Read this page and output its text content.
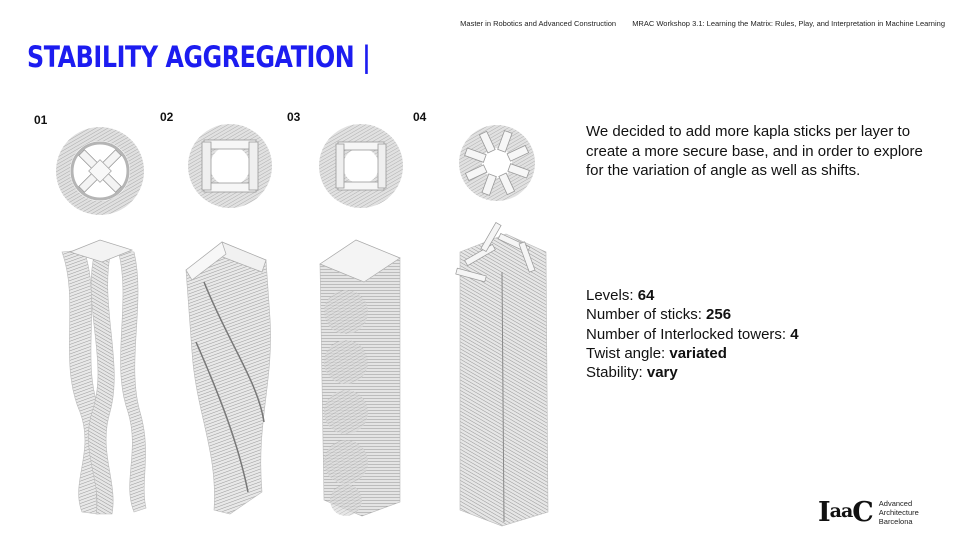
Master in Robotics and Advanced Construction MRAC Workshop 3.1: Learning the Matrix: Rules, Play, and Interpretation in Machine Learning
STABILITY AGGREGATION |
01	02	03	04
We decided to add more kapla sticks per layer to create a more secure base, and in order to explore for the variation of angle as well as shifts.
Levels: 64
Number of sticks: 256
Number of Interlocked towers: 4
Twist angle: variated
Stability: vary
IaaC Advanced
Architecture
Barcelona
